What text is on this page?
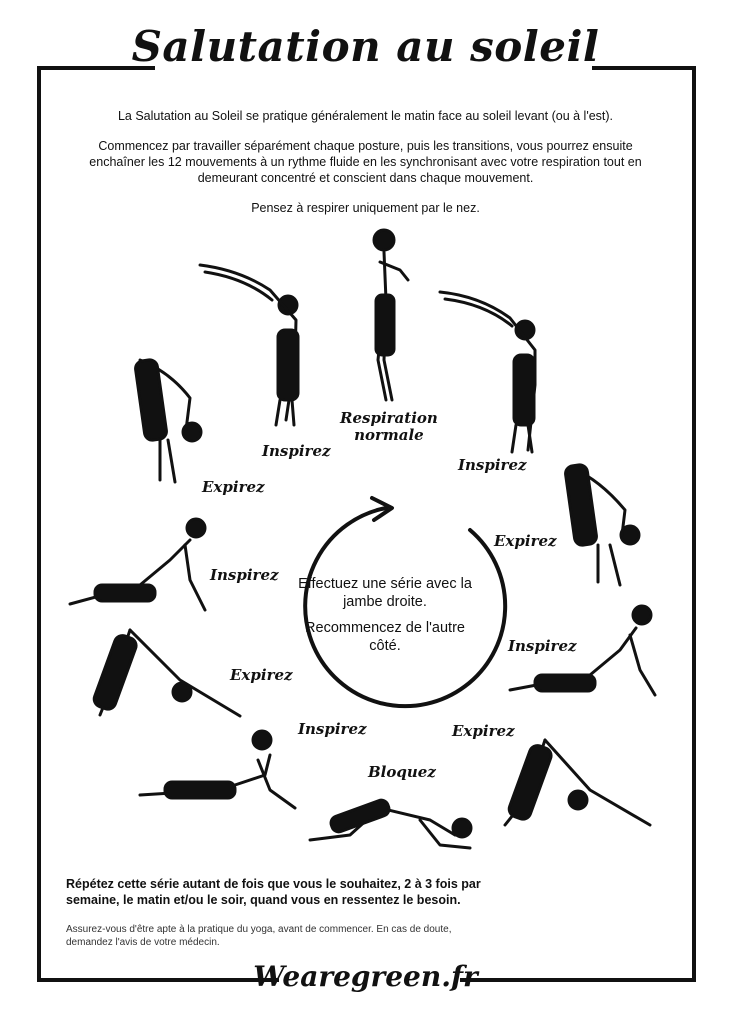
Salutation au soleil

La Salutation au Soleil se pratique généralement le matin face au soleil levant (ou à l'est).

Commencez par travailler séparément chaque posture, puis les transitions, vous pourrez ensuite enchaîner les 12 mouvements à un rythme fluide en les synchronisant avec votre respiration tout en demeurant concentré et conscient dans chaque mouvement.

Pensez à respirer uniquement par le nez.

Respiration
normale
Inspirez
Expirez
Inspirez
Expirez
Inspirez
Bloquez
Expirez
Inspirez
Expirez
Inspirez

Effectuez une série avec la jambe droite.

Recommencez de l'autre côté.

Répétez cette série autant de fois que vous le souhaitez, 2 à 3 fois par semaine, le matin et/ou le soir, quand vous en ressentez le besoin.
Assurez-vous d'être apte à la pratique du yoga, avant de commencer. En cas de doute, demandez l'avis de votre médecin.
Wearegreen.fr
